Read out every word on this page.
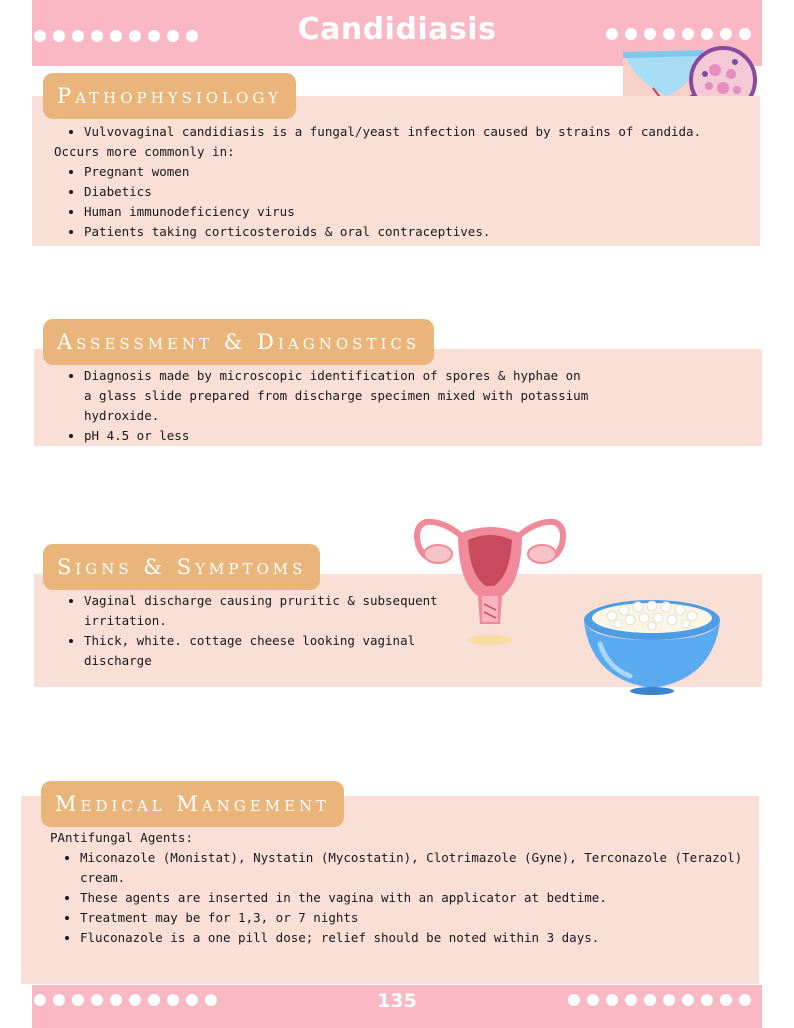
Candidiasis
Pathophysiology
• Vulvovaginal candidiasis is a fungal/yeast infection caused by strains of candida.

Occurs more commonly in:

• Pregnant women
• Diabetics
• Human immunodeficiency virus
• Patients taking corticosteroids & oral contraceptives.
Assessment & Diagnostics
• Diagnosis made by microscopic identification of spores & hyphae on a glass slide prepared from discharge specimen mixed with potassium hydroxide.
• pH 4.5 or less
Signs & Symptoms
• Vaginal discharge causing pruritic & subsequent irritation.
• Thick, white. cottage cheese looking vaginal discharge
Medical Mangement

PAntifungal Agents:

• Miconazole (Monistat), Nystatin (Mycostatin), Clotrimazole (Gyne), Terconazole (Terazol) cream.
• These agents are inserted in the vagina with an applicator at bedtime.
• Treatment may be for 1,3, or 7 nights
• Fluconazole is a one pill dose; relief should be noted within 3 days.
135
